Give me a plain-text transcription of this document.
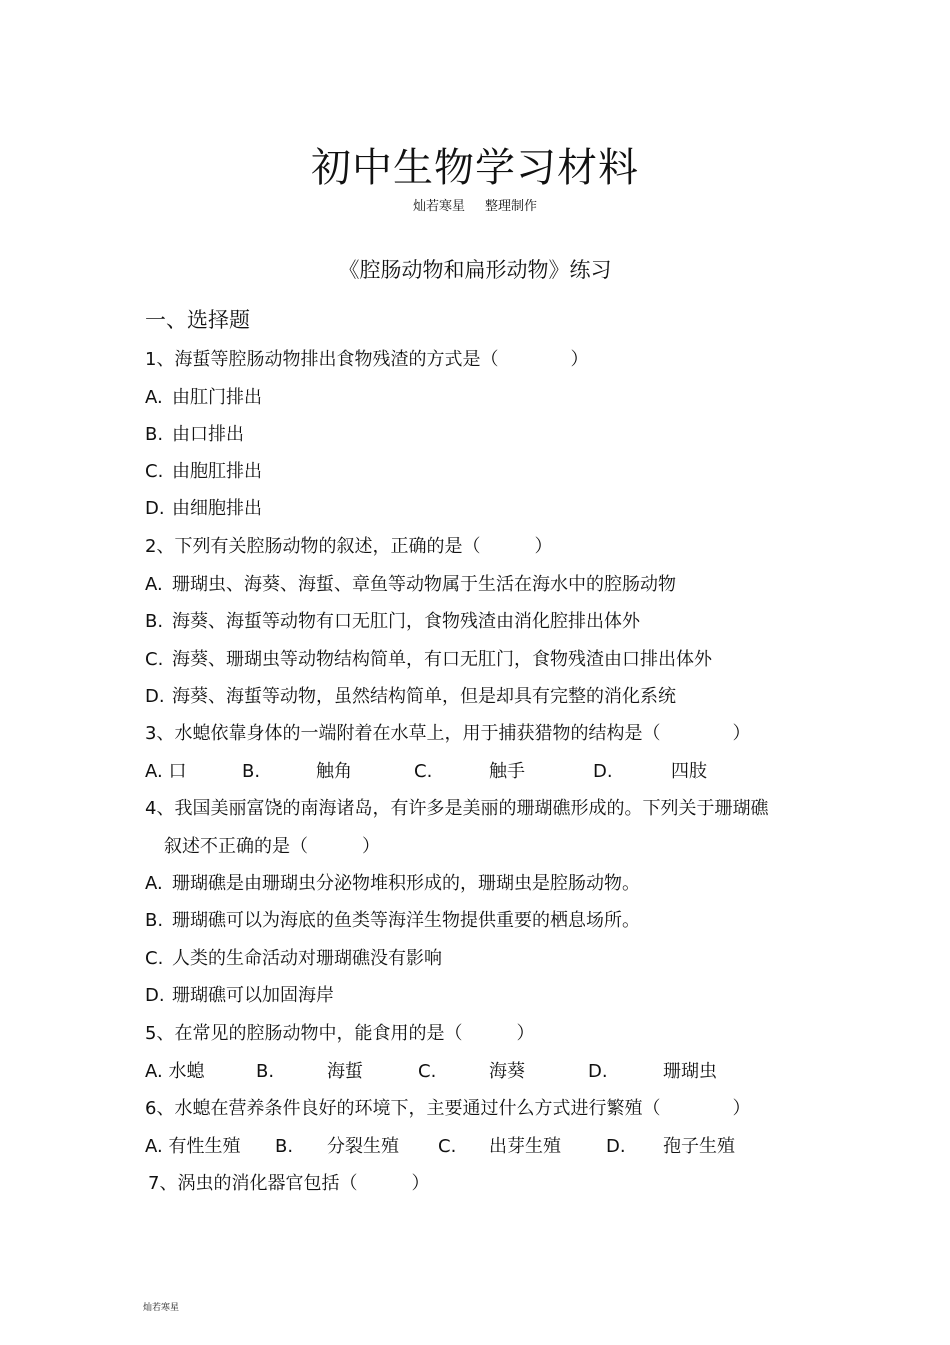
初中生物学习材料
灿若寒星 整理制作
《腔肠动物和扁形动物》练习
一、选择题
1、海蜇等腔肠动物排出食物残渣的方式是（　　　　）
A. 由肛门排出
B. 由口排出
C. 由胞肛排出
D. 由细胞排出
2、下列有关腔肠动物的叙述，正确的是（　　　）
A. 珊瑚虫、海葵、海蜇、章鱼等动物属于生活在海水中的腔肠动物
B. 海葵、海蜇等动物有口无肛门，食物残渣由消化腔排出体外
C. 海葵、珊瑚虫等动物结构简单，有口无肛门，食物残渣由口排出体外
D. 海葵、海蜇等动物，虽然结构简单，但是却具有完整的消化系统
3、水螅依靠身体的一端附着在水草上，用于捕获猎物的结构是（　　　　）
A. 口	B.	触角	C.	触手	D.	四肢
4、我国美丽富饶的南海诸岛，有许多是美丽的珊瑚礁形成的。下列关于珊瑚礁
叙述不正确的是（　　　）
A. 珊瑚礁是由珊瑚虫分泌物堆积形成的，珊瑚虫是腔肠动物。
B. 珊瑚礁可以为海底的鱼类等海洋生物提供重要的栖息场所。
C. 人类的生命活动对珊瑚礁没有影响
D. 珊瑚礁可以加固海岸
5、在常见的腔肠动物中，能食用的是（　　　）
A. 水螅	B.	海蜇	C.	海葵	D.	珊瑚虫
6、水螅在营养条件良好的环境下，主要通过什么方式进行繁殖（　　　　）
A. 有性生殖 B. 分裂生殖 C. 出芽生殖	D. 孢子生殖
7、涡虫的消化器官包括（　　　）
灿若寒星
